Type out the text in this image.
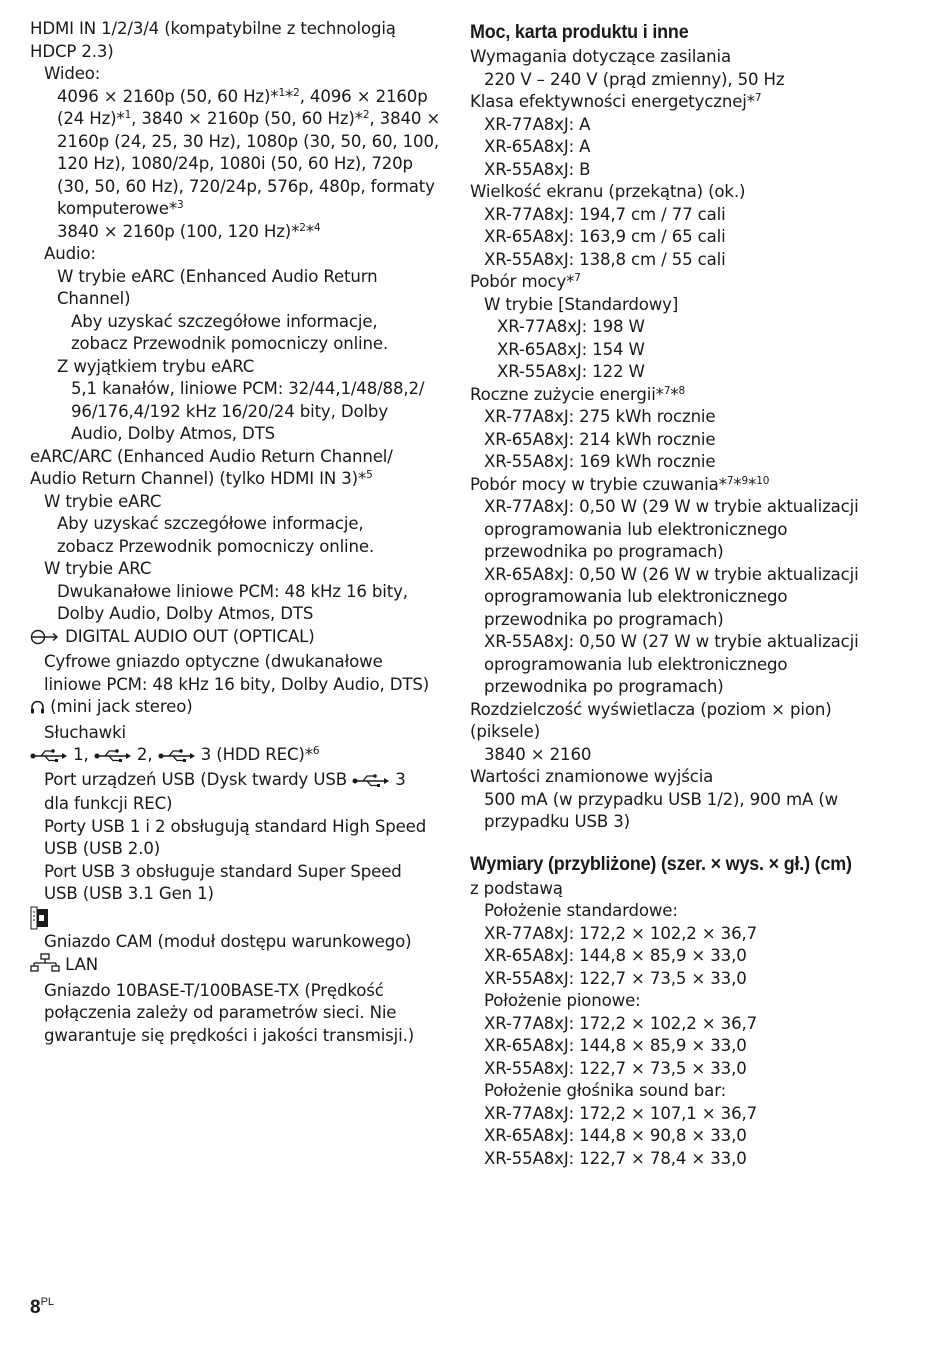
HDMI IN 1/2/3/4 (kompatybilne z technologią
HDCP 2.3)
Wideo:
4096 × 2160p (50, 60 Hz)*$^1$*$^2$, 4096 × 2160p
(24 Hz)*$^1$, 3840 × 2160p (50, 60 Hz)*$^2$, 3840 ×
2160p (24, 25, 30 Hz), 1080p (30, 50, 60, 100,
120 Hz), 1080/24p, 1080i (50, 60 Hz), 720p
(30, 50, 60 Hz), 720/24p, 576p, 480p, formaty
komputerowe*$^3$
3840 × 2160p (100, 120 Hz)*$^2$*$^4$
Audio:
W trybie eARC (Enhanced Audio Return
Channel)
Aby uzyskać szczegółowe informacje,
zobacz Przewodnik pomocniczy online.
Z wyjątkiem trybu eARC
5,1 kanałów, liniowe PCM: 32/44,1/48/88,2/
96/176,4/192 kHz 16/20/24 bity, Dolby
Audio, Dolby Atmos, DTS
eARC/ARC (Enhanced Audio Return Channel/
Audio Return Channel) (tylko HDMI IN 3)*$^5$
W trybie eARC
Aby uzyskać szczegółowe informacje,
zobacz Przewodnik pomocniczy online.
W trybie ARC
Dwukanałowe liniowe PCM: 48 kHz 16 bity,
Dolby Audio, Dolby Atmos, DTS
DIGITAL AUDIO OUT (OPTICAL)
Cyfrowe gniazdo optyczne (dwukanałowe
liniowe PCM: 48 kHz 16 bity, Dolby Audio, DTS)
(mini jack stereo)
Słuchawki
1,	2,	3 (HDD REC)*$^6$
Port urządzeń USB (Dysk twardy USB	3
dla funkcji REC)
Porty USB 1 i 2 obsługują standard High Speed
USB (USB 2.0)
Port USB 3 obsługuje standard Super Speed
USB (USB 3.1 Gen 1)
Gniazdo CAM (moduł dostępu warunkowego)
LAN
Gniazdo 10BASE-T/100BASE-TX (Prędkość
połączenia zależy od parametrów sieci. Nie
gwarantuje się prędkości i jakości transmisji.)
Moc, karta produktu i inne
Wymagania dotyczące zasilania
220 V – 240 V (prąd zmienny), 50 Hz
Klasa efektywności energetycznej*$^7$
XR-77A8xJ: A
XR-65A8xJ: A
XR-55A8xJ: B
Wielkość ekranu (przekątna) (ok.)
XR-77A8xJ: 194,7 cm / 77 cali
XR-65A8xJ: 163,9 cm / 65 cali
XR-55A8xJ: 138,8 cm / 55 cali
Pobór mocy*$^7$
W trybie [Standardowy]
XR-77A8xJ: 198 W
XR-65A8xJ: 154 W
XR-55A8xJ: 122 W
Roczne zużycie energii*$^7$*$^8$
XR-77A8xJ: 275 kWh rocznie
XR-65A8xJ: 214 kWh rocznie
XR-55A8xJ: 169 kWh rocznie
Pobór mocy w trybie czuwania*$^7$*$^9$*$^{10}$
XR-77A8xJ: 0,50 W (29 W w trybie aktualizacji
oprogramowania lub elektronicznego
przewodnika po programach)
XR-65A8xJ: 0,50 W (26 W w trybie aktualizacji
oprogramowania lub elektronicznego
przewodnika po programach)
XR-55A8xJ: 0,50 W (27 W w trybie aktualizacji
oprogramowania lub elektronicznego
przewodnika po programach)
Rozdzielczość wyświetlacza (poziom × pion)
(piksele)
3840 × 2160
Wartości znamionowe wyjścia
500 mA (w przypadku USB 1/2), 900 mA (w
przypadku USB 3)
Wymiary (przybliżone) (szer. × wys. × gł.) (cm)
z podstawą
Położenie standardowe:
XR-77A8xJ: 172,2 × 102,2 × 36,7
XR-65A8xJ: 144,8 × 85,9 × 33,0
XR-55A8xJ: 122,7 × 73,5 × 33,0
Położenie pionowe:
XR-77A8xJ: 172,2 × 102,2 × 36,7
XR-65A8xJ: 144,8 × 85,9 × 33,0
XR-55A8xJ: 122,7 × 73,5 × 33,0
Położenie głośnika sound bar:
XR-77A8xJ: 172,2 × 107,1 × 36,7
XR-65A8xJ: 144,8 × 90,8 × 33,0
XR-55A8xJ: 122,7 × 78,4 × 33,0
$8^{PL}$
